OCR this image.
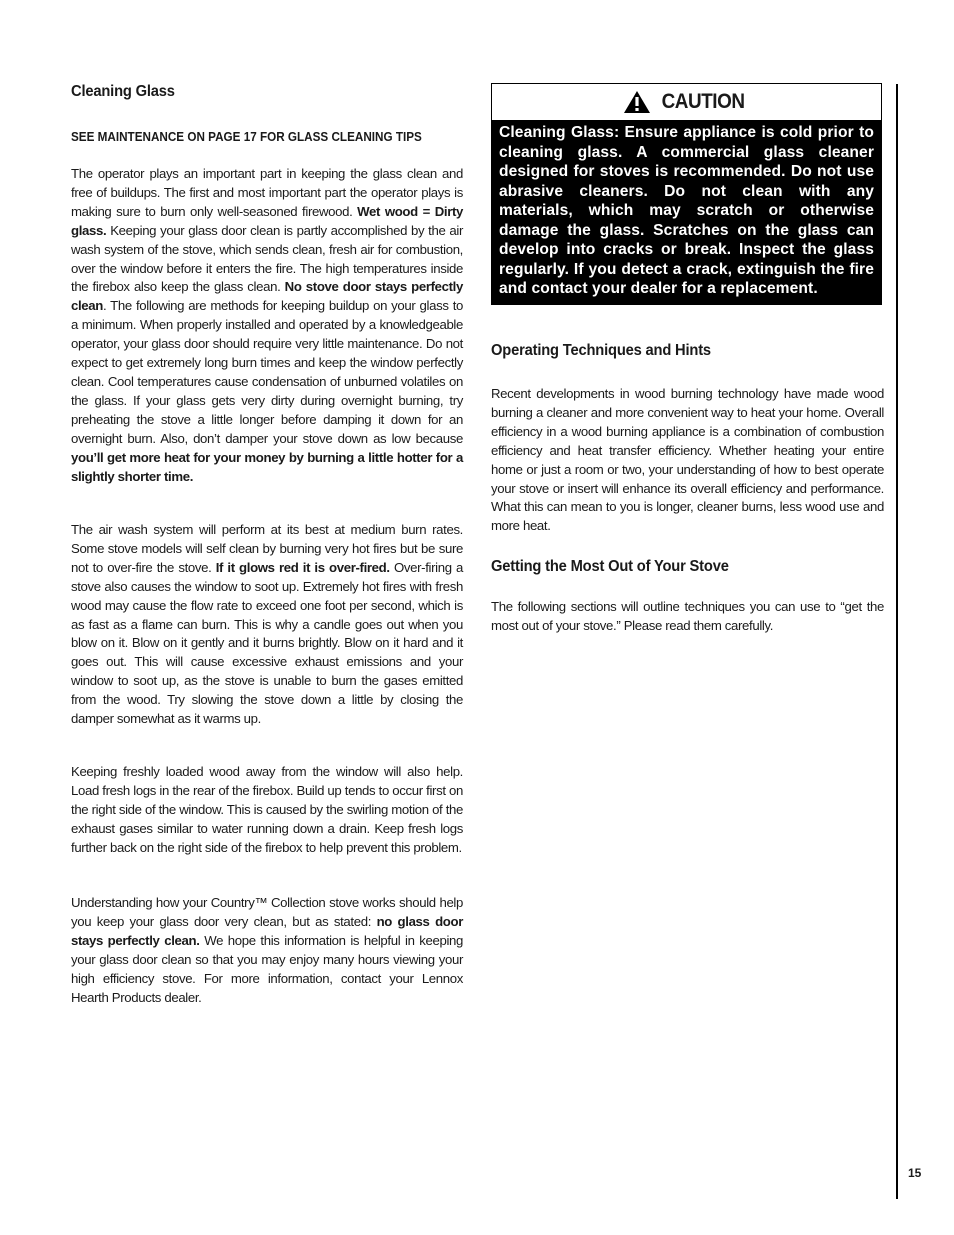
Cleaning Glass
SEE MAINTENANCE ON PAGE 17 FOR GLASS CLEANING TIPS

The operator plays an important part in keeping the glass clean and free of buildups. The first and most important part the operator plays is making sure to burn only well-seasoned firewood. Wet wood = Dirty glass. Keeping your glass door clean is partly accomplished by the air wash system of the stove, which sends clean, fresh air for combustion, over the window before it enters the fire. The high temperatures inside the firebox also keep the glass clean. No stove door stays perfectly clean. The following are methods for keeping buildup on your glass to a minimum. When properly installed and operated by a knowledgeable operator, your glass door should require very little maintenance. Do not expect to get extremely long burn times and keep the window perfectly clean. Cool temperatures cause condensation of unburned volatiles on the glass. If your glass gets very dirty during overnight burning, try preheating the stove a little longer before damping it down for an overnight burn. Also, don’t damper your stove down as low because you’ll get more heat for your money by burning a little hotter for a slightly shorter time.

The air wash system will perform at its best at medium burn rates. Some stove models will self clean by burning very hot fires but be sure not to over-fire the stove. If it glows red it is over-fired. Over-firing a stove also causes the window to soot up. Extremely hot fires with fresh wood may cause the flow rate to exceed one foot per second, which is as fast as a flame can burn. This is why a candle goes out when you blow on it. Blow on it gently and it burns brightly. Blow on it hard and it goes out. This will cause excessive exhaust emissions and your window to soot up, as the stove is unable to burn the gases emitted from the wood. Try slowing the stove down a little by closing the damper somewhat as it warms up.

Keeping freshly loaded wood away from the window will also help. Load fresh logs in the rear of the firebox. Build up tends to occur first on the right side of the window. This is caused by the swirling motion of the exhaust gases similar to water running down a drain. Keep fresh logs further back on the right side of the firebox to help prevent this problem.

Understanding how your Country™ Collection stove works should help you keep your glass door very clean, but as stated: no glass door stays perfectly clean. We hope this information is helpful in keeping your glass door clean so that you may enjoy many hours viewing your high efficiency stove. For more information, contact your Lennox Hearth Products dealer.

CAUTION
Cleaning Glass: Ensure appliance is cold prior to cleaning glass. A commercial glass cleaner designed for stoves is recommended. Do not use abrasive cleaners. Do not clean with any materials, which may scratch or otherwise damage the glass. Scratches on the glass can develop into cracks or break. Inspect the glass regularly. If you detect a crack, extinguish the fire and contact your dealer for a replacement.
Operating Techniques and Hints

Recent developments in wood burning technology have made wood burning a cleaner and more convenient way to heat your home. Overall efficiency in a wood burning appliance is a combination of combustion efficiency and heat transfer efficiency. Whether heating your entire home or just a room or two, your understanding of how to best operate your stove or insert will enhance its overall efficiency and performance. What this can mean to you is longer, cleaner burns, less wood use and more heat.

Getting the Most Out of Your Stove

The following sections will outline techniques you can use to “get the most out of your stove.” Please read them carefully.

15
